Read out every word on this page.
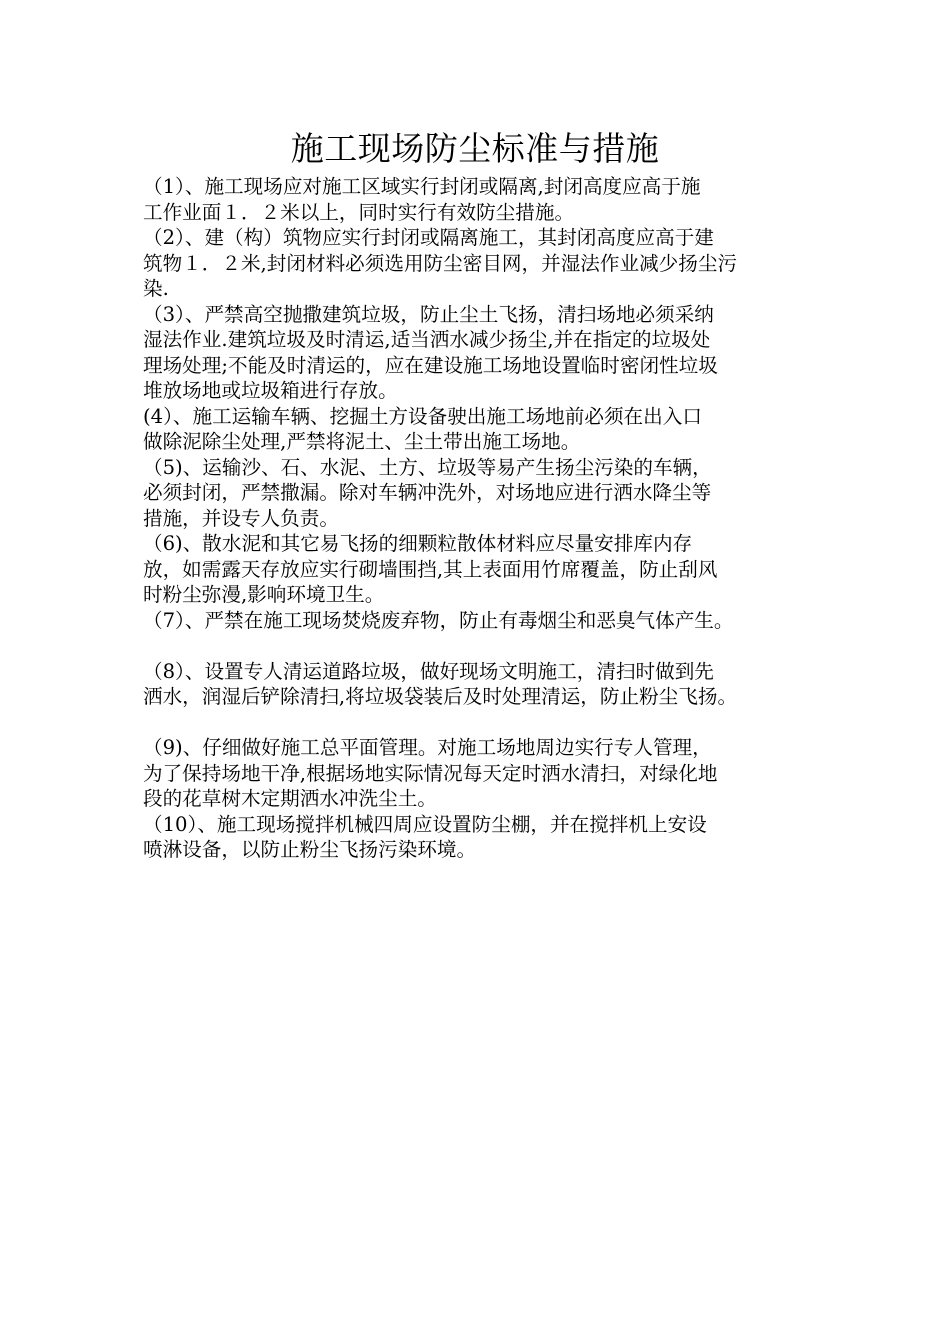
施工现场防尘标准与措施

（1）、施工现场应对施工区域实行封闭或隔离,封闭高度应高于施
工作业面１．２米以上，同时实行有效防尘措施。

（2）、建（构）筑物应实行封闭或隔离施工，其封闭高度应高于建
筑物１．２米,封闭材料必须选用防尘密目网，并湿法作业减少扬尘污
染.

（3）、严禁高空抛撒建筑垃圾，防止尘土飞扬，清扫场地必须采纳
湿法作业.建筑垃圾及时清运,适当洒水减少扬尘,并在指定的垃圾处
理场处理;不能及时清运的，应在建设施工场地设置临时密闭性垃圾
堆放场地或垃圾箱进行存放。

(4）、施工运输车辆、挖掘土方设备驶出施工场地前必须在出入口
做除泥除尘处理,严禁将泥土、尘土带出施工场地。

（5)、运输沙、石、水泥、土方、垃圾等易产生扬尘污染的车辆，
必须封闭，严禁撒漏。除对车辆冲洗外，对场地应进行洒水降尘等
措施，并设专人负责。

（6)、散水泥和其它易飞扬的细颗粒散体材料应尽量安排库内存
放，如需露天存放应实行砌墙围挡,其上表面用竹席覆盖，防止刮风
时粉尘弥漫,影响环境卫生。

（7）、严禁在施工现场焚烧废弃物，防止有毒烟尘和恶臭气体产生。

（8）、设置专人清运道路垃圾，做好现场文明施工，清扫时做到先
洒水，润湿后铲除清扫,将垃圾袋装后及时处理清运，防止粉尘飞扬。

（9)、仔细做好施工总平面管理。对施工场地周边实行专人管理，
为了保持场地干净,根据场地实际情况每天定时洒水清扫，对绿化地
段的花草树木定期洒水冲洗尘土。

（10）、施工现场搅拌机械四周应设置防尘棚，并在搅拌机上安设
喷淋设备，以防止粉尘飞扬污染环境。
